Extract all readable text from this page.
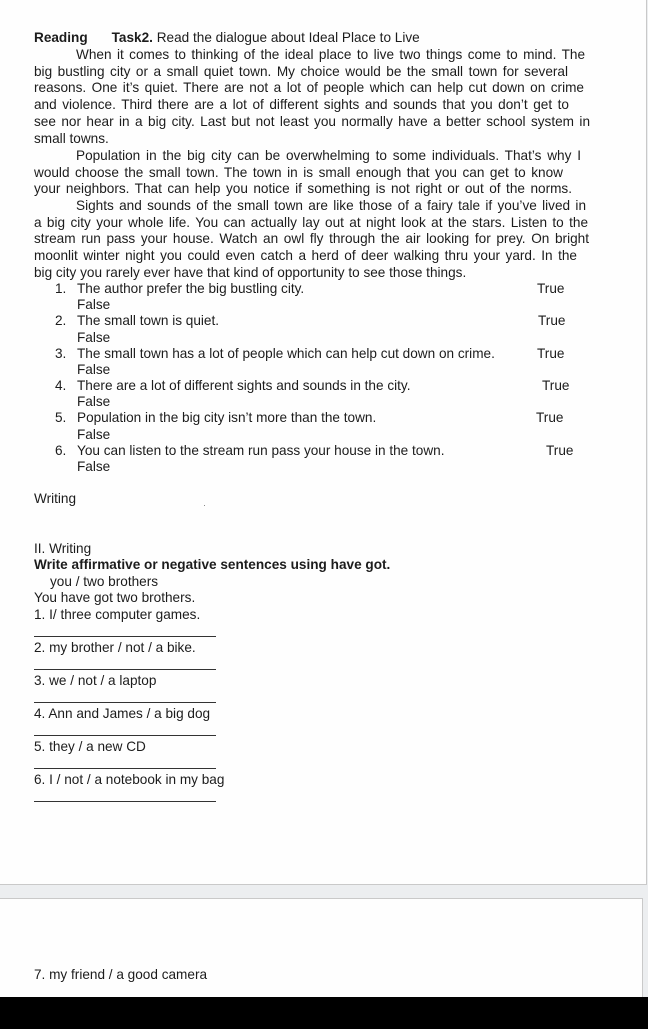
Reading Task2. Read the dialogue about Ideal Place to Live
When it comes to thinking of the ideal place to live two things come to mind. The
big bustling city or a small quiet town. My choice would be the small town for several
reasons. One it’s quiet. There are not a lot of people which can help cut down on crime
and violence. Third there are a lot of different sights and sounds that you don’t get to
see nor hear in a big city. Last but not least you normally have a better school system in
small towns.
Population in the big city can be overwhelming to some individuals. That’s why I
would choose the small town. The town in is small enough that you can get to know
your neighbors. That can help you notice if something is not right or out of the norms.
Sights and sounds of the small town are like those of a fairy tale if you’ve lived in
a big city your whole life. You can actually lay out at night look at the stars. Listen to the
stream run pass your house. Watch an owl fly through the air looking for prey. On bright
moonlit winter night you could even catch a herd of deer walking thru your yard. In the
big city you rarely ever have that kind of opportunity to see those things.
1. The author prefer the big bustling city.	True
False
2. The small town is quiet.	True
False
3. The small town has a lot of people which can help cut down on crime.	True
False
4. There are a lot of different sights and sounds in the city.	True
False
5. Population in the big city isn’t more than the town.	True
False
6. You can listen to the stream run pass your house in the town.	True
False
Writing
II. Writing
Write affirmative or negative sentences using have got.
you / two brothers
You have got two brothers.
1. I/ three computer games.
2. my brother / not / a bike.
3. we / not / a laptop
4. Ann and James / a big dog
5. they / a new CD
6. I / not / a notebook in my bag
7. my friend / a good camera
